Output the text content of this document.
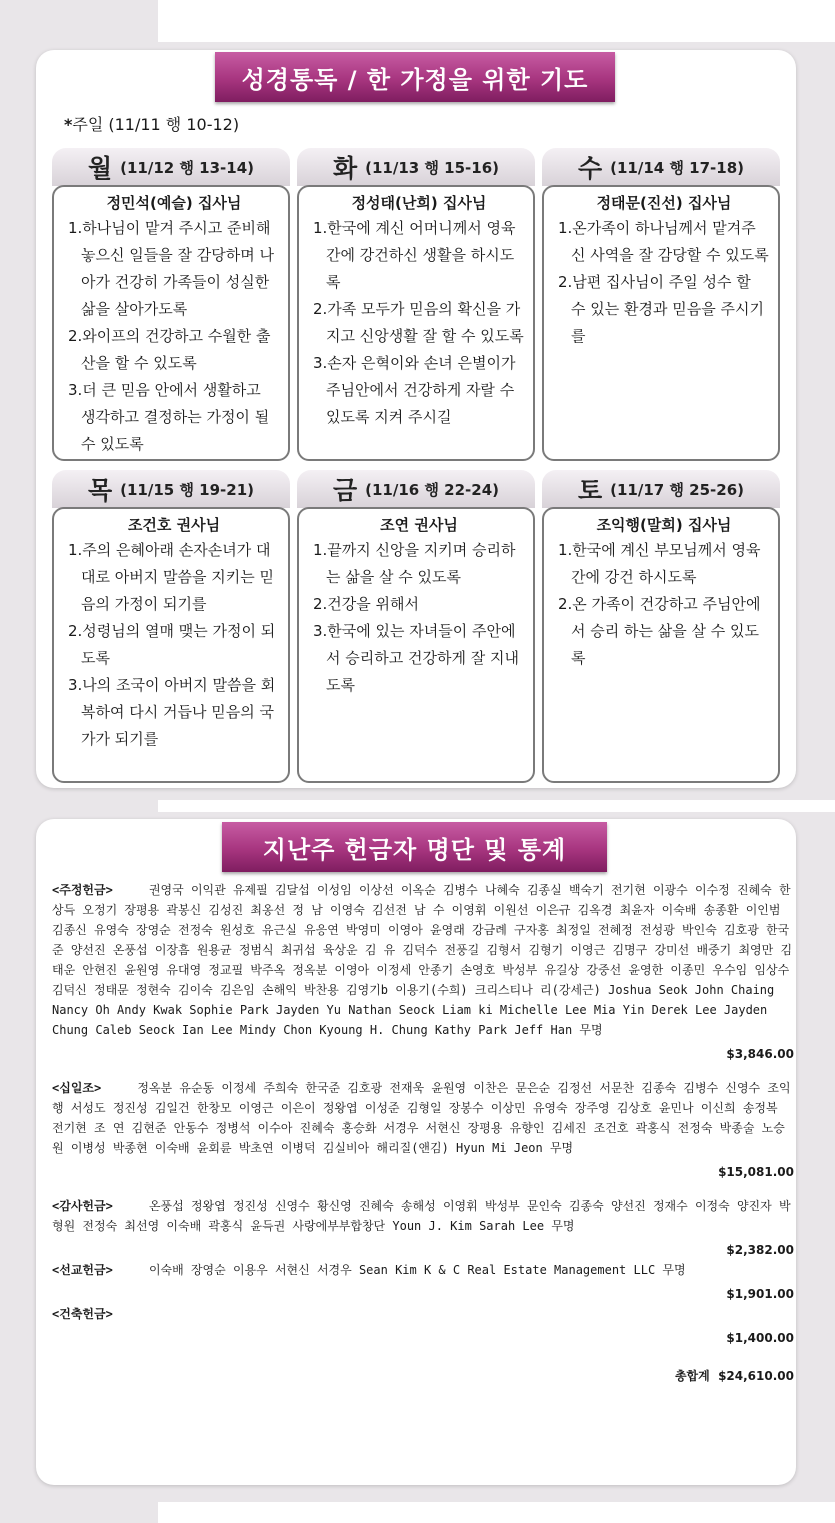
성경통독 / 한 가정을 위한 기도
*주일 (11/11 행 10-12)
월 (11/12 행 13-14)
정민석(예슬) 집사님
1.하나님이 맡겨 주시고 준비해 놓으신 일들을 잘 감당하며 나아가 건강히 가족들이 성실한 삶을 살아가도록
2.와이프의 건강하고 수월한 출산을 할 수 있도록
3.더 큰 믿음 안에서 생활하고 생각하고 결정하는 가정이 될 수 있도록
화 (11/13 행 15-16)
정성태(난희) 집사님
1.한국에 계신 어머니께서 영육간에 강건하신 생활을 하시도록
2.가족 모두가 믿음의 확신을 가지고 신앙생활 잘 할 수 있도록
3.손자 은혁이와 손녀 은별이가 주님안에서 건강하게 자랄 수 있도록 지켜 주시길
수 (11/14 행 17-18)
정태문(진선) 집사님
1.온가족이 하나님께서 맡겨주신 사역을 잘 감당할 수 있도록
2.남편 집사님이 주일 성수 할 수 있는 환경과 믿음을 주시기를
목 (11/15 행 19-21)
조건호 권사님
1.주의 은혜아래 손자손녀가 대대로 아버지 말씀을 지키는 믿음의 가정이 되기를
2.성령님의 열매 맺는 가정이 되도록
3.나의 조국이 아버지 말씀을 회복하여 다시 거듭나 믿음의 국가가 되기를
금 (11/16 행 22-24)
조연 권사님
1.끝까지 신앙을 지키며 승리하는 삶을 살 수 있도록
2.건강을 위해서
3.한국에 있는 자녀들이 주안에서 승리하고 건강하게 잘 지내도록
토 (11/17 행 25-26)
조익행(말희) 집사님
1.한국에 계신 부모님께서 영육간에 강건 하시도록
2.온 가족이 건강하고 주님안에서 승리 하는 삶을 살 수 있도록
지난주 헌금자 명단 및 통계
<주정헌금>	권영국 이익관 유제필 김달섭 이성임 이상선 이옥순 김병수 나혜숙 김종실 백숙기 전기현 이광수 이수정 진혜숙 한상득 오정기 장평용 곽봉신 김성진 최옹선 정 남 이영숙 김선전 남 수 이영휘 이원선 이은규 김옥경 최윤자 이숙배 송종환 이인범 김종신 유영숙 장영순 전정숙 원성호 유근실 유응연 박영미 이영아 윤영래 강금례 구자홍 최정일 전혜정 전성광 박인숙 김호광 한국준 양선진 온풍섭 이장흠 원용균 정범식 최귀섭 육상운 김 유 김덕수 전풍길 김형서 김형기 이영근 김명구 강미선 배중기 최영만 김태운 안현진 윤원영 유대영 정교필 박주옥 정옥분 이영아 이정세 안종기 손영호 박성부 유길상 강중선 윤영한 이종민 우수임 임상수 김덕신 정태문 정현숙 김이숙 김은임 손해익 박찬용 김영기b 이용기(수희) 크리스티나 리(강세근) Joshua Seok John Chaing Nancy Oh Andy Kwak Sophie Park Jayden Yu Nathan Seock Liam ki Michelle Lee Mia Yin Derek Lee Jayden Chung Caleb Seock Ian Lee Mindy Chon Kyoung H. Chung Kathy Park Jeff Han 무명
$3,846.00
<십일조>	정옥분 유순동 이정세 주희숙 한국준 김호광 전재욱 윤원영 이찬은 문은순 김정선 서문찬 김종숙 김병수 신영수 조익행 서성도 정진성 김일건 한창모 이영근 이은이 정왕엽 이성준 김형일 장봉수 이상민 유영숙 장주영 김상호 윤민나 이신희 송정복 전기현 조 연 김현준 안동수 정병석 이수아 진혜숙 홍승화 서경우 서현신 장평용 유향인 김세진 조건호 곽홍식 전정숙 박종술 노승원 이병성 박종현 이숙배 윤회륜 박초연 이병덕 김실비아 해리질(앤김) Hyun Mi Jeon 무명
$15,081.00
<감사헌금>	온풍섭 정왕엽 정진성 신영수 황신영 진혜숙 송해성 이영휘 박성부 문인숙 김종숙 양선진 정재수 이정숙 양진자 박형원 전정숙 최선영 이숙배 곽홍식 윤득권 사랑에부부합창단 Youn J. Kim Sarah Lee 무명
$2,382.00
<선교헌금>	이숙배 장영순 이용우 서현신 서경우 Sean Kim K & C Real Estate Management LLC 무명
$1,901.00
<건축헌금>
$1,400.00
총합계 $24,610.00
